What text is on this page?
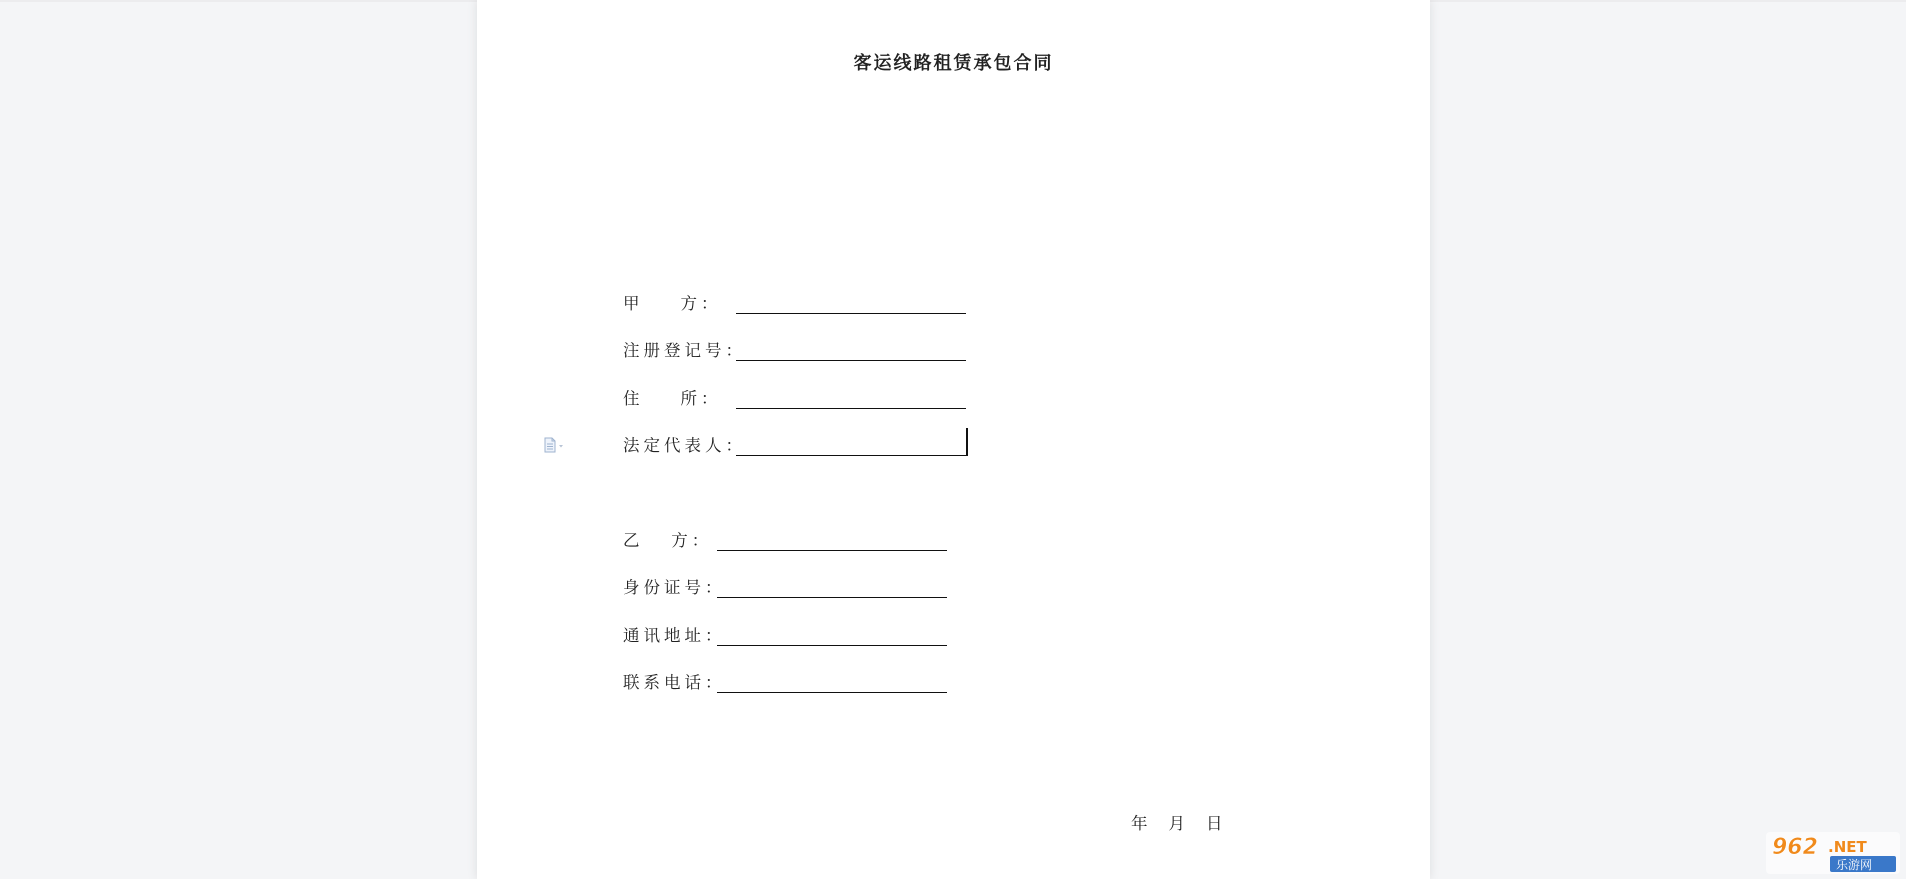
客运线路租赁承包合同
甲    方：
注册登记号：
住    所：
法定代表人：
乙   方：
身份证号：
通讯地址：
联系电话：
年    月    日
962 .NET
乐游网
